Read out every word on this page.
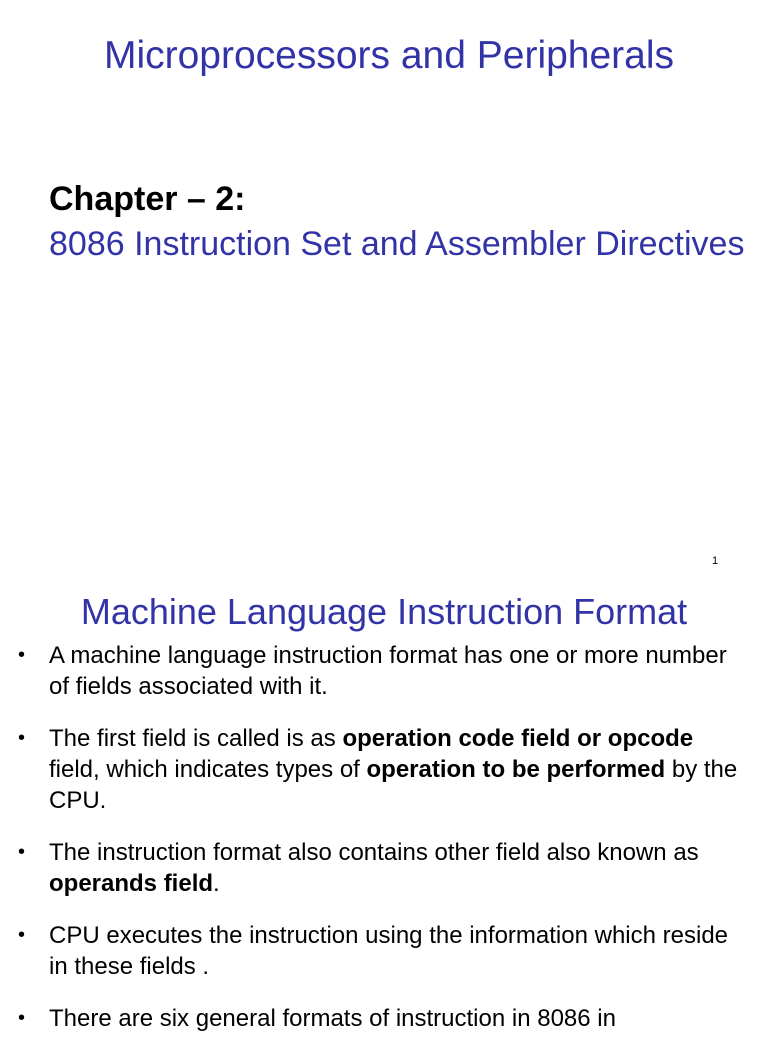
Microprocessors and Peripherals
Chapter – 2:
8086 Instruction Set and Assembler Directives
1
Machine Language Instruction Format
• A machine language instruction format has one or more number of fields associated with it.
• The first field is called is as operation code field or opcode field, which indicates types of operation to be performed by the CPU.
• The instruction format also contains other field also known as operands field.
• CPU executes the instruction using the information which reside in these fields .
• There are six general formats of instruction in 8086 in
